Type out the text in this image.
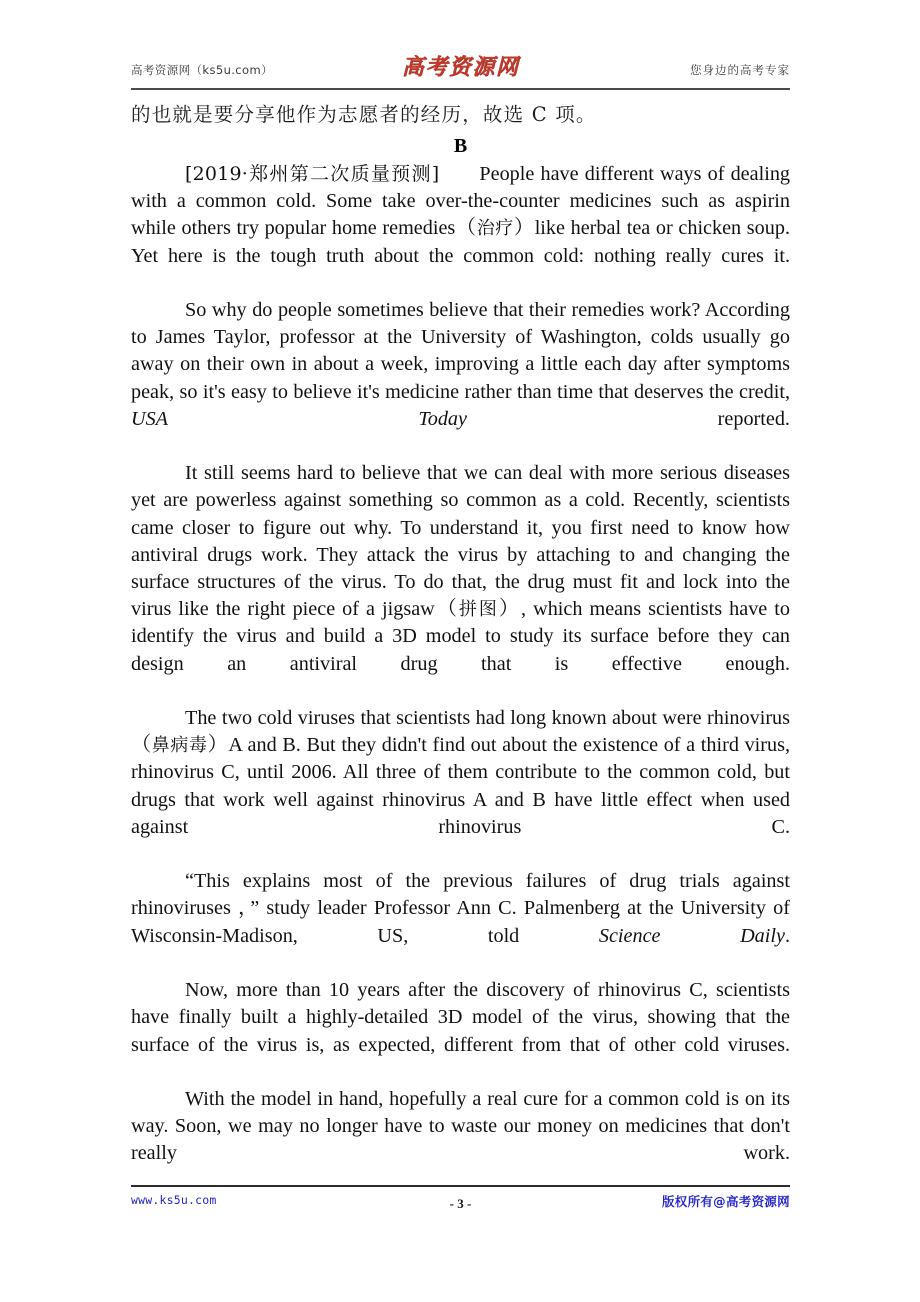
高考资源网（ks5u.com）	高考资源网	您身边的高考专家

的也就是要分享他作为志愿者的经历，故选 C 项。

B

[2019·郑州第二次质量预测] People have different ways of dealing with a common cold. Some take over-the-counter medicines such as aspirin while others try popular home remedies（治疗）like herbal tea or chicken soup. Yet here is the tough truth about the common cold: nothing really cures it.

So why do people sometimes believe that their remedies work? According to James Taylor, professor at the University of Washington, colds usually go away on their own in about a week, improving a little each day after symptoms peak, so it's easy to believe it's medicine rather than time that deserves the credit, USA Today reported.

It still seems hard to believe that we can deal with more serious diseases yet are powerless against something so common as a cold. Recently, scientists came closer to figure out why. To understand it, you first need to know how antiviral drugs work. They attack the virus by attaching to and changing the surface structures of the virus. To do that, the drug must fit and lock into the virus like the right piece of a jigsaw（拼图）, which means scientists have to identify the virus and build a 3D model to study its surface before they can design an antiviral drug that is effective enough.

The two cold viruses that scientists had long known about were rhinovirus（鼻病毒）A and B. But they didn't find out about the existence of a third virus, rhinovirus C, until 2006. All three of them contribute to the common cold, but drugs that work well against rhinovirus A and B have little effect when used against rhinovirus C.

“This explains most of the previous failures of drug trials against rhinoviruses ，” study leader Professor Ann C. Palmenberg at the University of Wisconsin-Madison, US, told Science Daily.

Now, more than 10 years after the discovery of rhinovirus C, scientists have finally built a highly-detailed 3D model of the virus, showing that the surface of the virus is, as expected, different from that of other cold viruses.

With the model in hand, hopefully a real cure for a common cold is on its way. Soon, we may no longer have to waste our money on medicines that don't really work.

www.ks5u.com	- 3 -	版权所有@高考资源网
